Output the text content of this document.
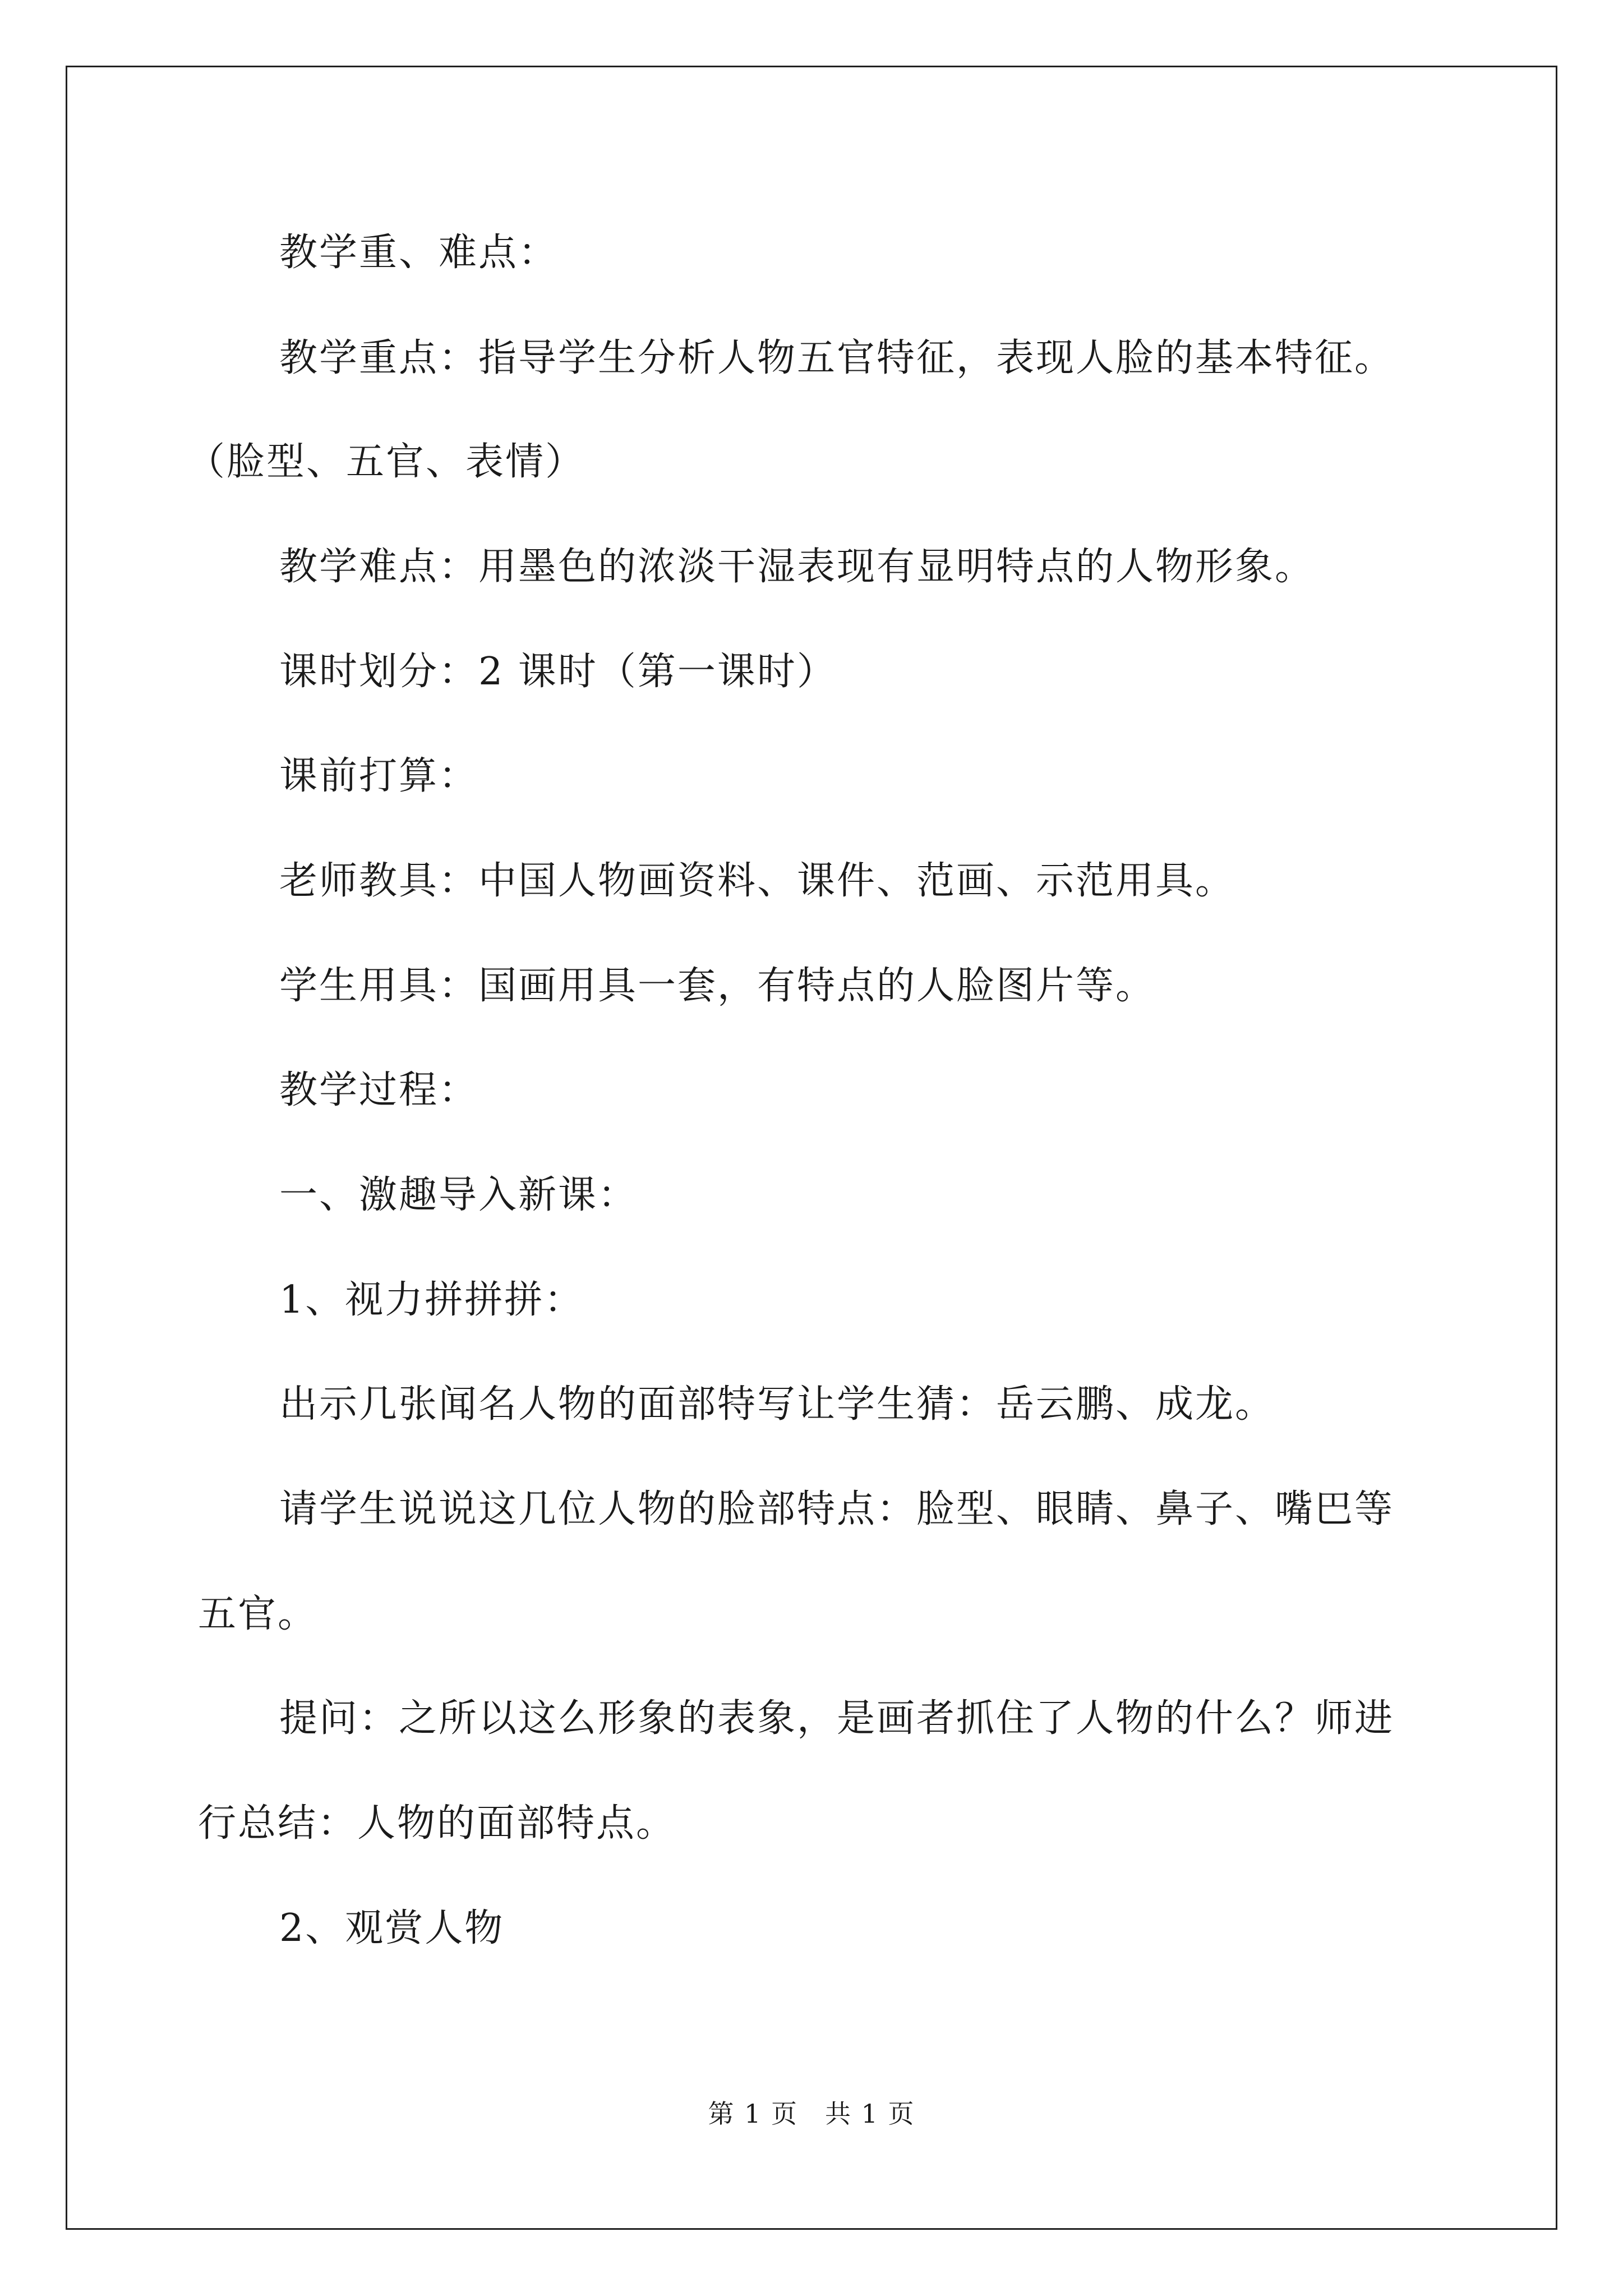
教学重、难点：
教学重点：指导学生分析人物五官特征，表现人脸的基本特征。
（脸型、五官、表情）
教学难点：用墨色的浓淡干湿表现有显明特点的人物形象。
课时划分：2 课时（第一课时）
课前打算：
老师教具：中国人物画资料、课件、范画、示范用具。
学生用具：国画用具一套，有特点的人脸图片等。
教学过程：
一、激趣导入新课：
1、视力拼拼拼：
出示几张闻名人物的面部特写让学生猜：岳云鹏、成龙。
请学生说说这几位人物的脸部特点：脸型、眼睛、鼻子、嘴巴等
五官。
提问：之所以这么形象的表象，是画者抓住了人物的什么？师进
行总结：人物的面部特点。
2、观赏人物
第 1 页　共 1 页
